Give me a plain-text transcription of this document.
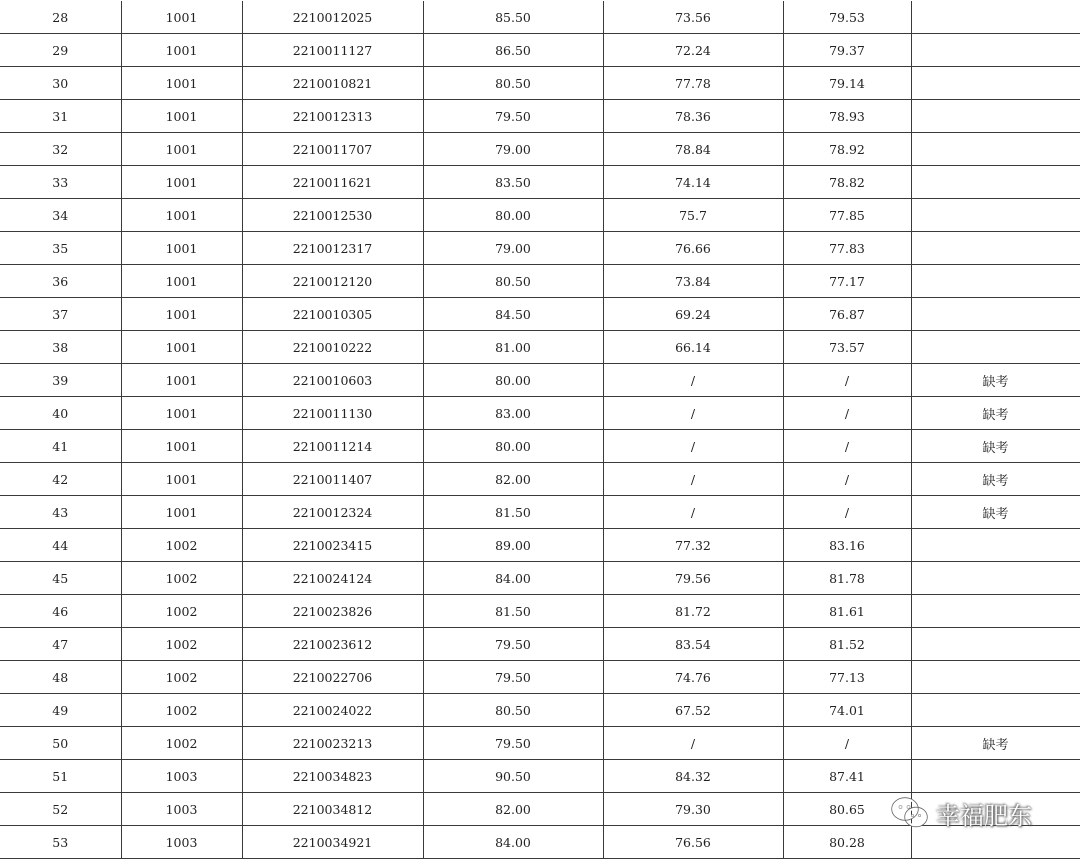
28	1001	2210012025	85.50	73.56	79.53	
29	1001	2210011127	86.50	72.24	79.37	
30	1001	2210010821	80.50	77.78	79.14	
31	1001	2210012313	79.50	78.36	78.93	
32	1001	2210011707	79.00	78.84	78.92	
33	1001	2210011621	83.50	74.14	78.82	
34	1001	2210012530	80.00	75.7	77.85	
35	1001	2210012317	79.00	76.66	77.83	
36	1001	2210012120	80.50	73.84	77.17	
37	1001	2210010305	84.50	69.24	76.87	
38	1001	2210010222	81.00	66.14	73.57	
39	1001	2210010603	80.00	/	/	缺考
40	1001	2210011130	83.00	/	/	缺考
41	1001	2210011214	80.00	/	/	缺考
42	1001	2210011407	82.00	/	/	缺考
43	1001	2210012324	81.50	/	/	缺考
44	1002	2210023415	89.00	77.32	83.16	
45	1002	2210024124	84.00	79.56	81.78	
46	1002	2210023826	81.50	81.72	81.61	
47	1002	2210023612	79.50	83.54	81.52	
48	1002	2210022706	79.50	74.76	77.13	
49	1002	2210024022	80.50	67.52	74.01	
50	1002	2210023213	79.50	/	/	缺考
51	1003	2210034823	90.50	84.32	87.41	
52	1003	2210034812	82.00	79.30	80.65	
53	1003	2210034921	84.00	76.56	80.28	
幸福肥东
